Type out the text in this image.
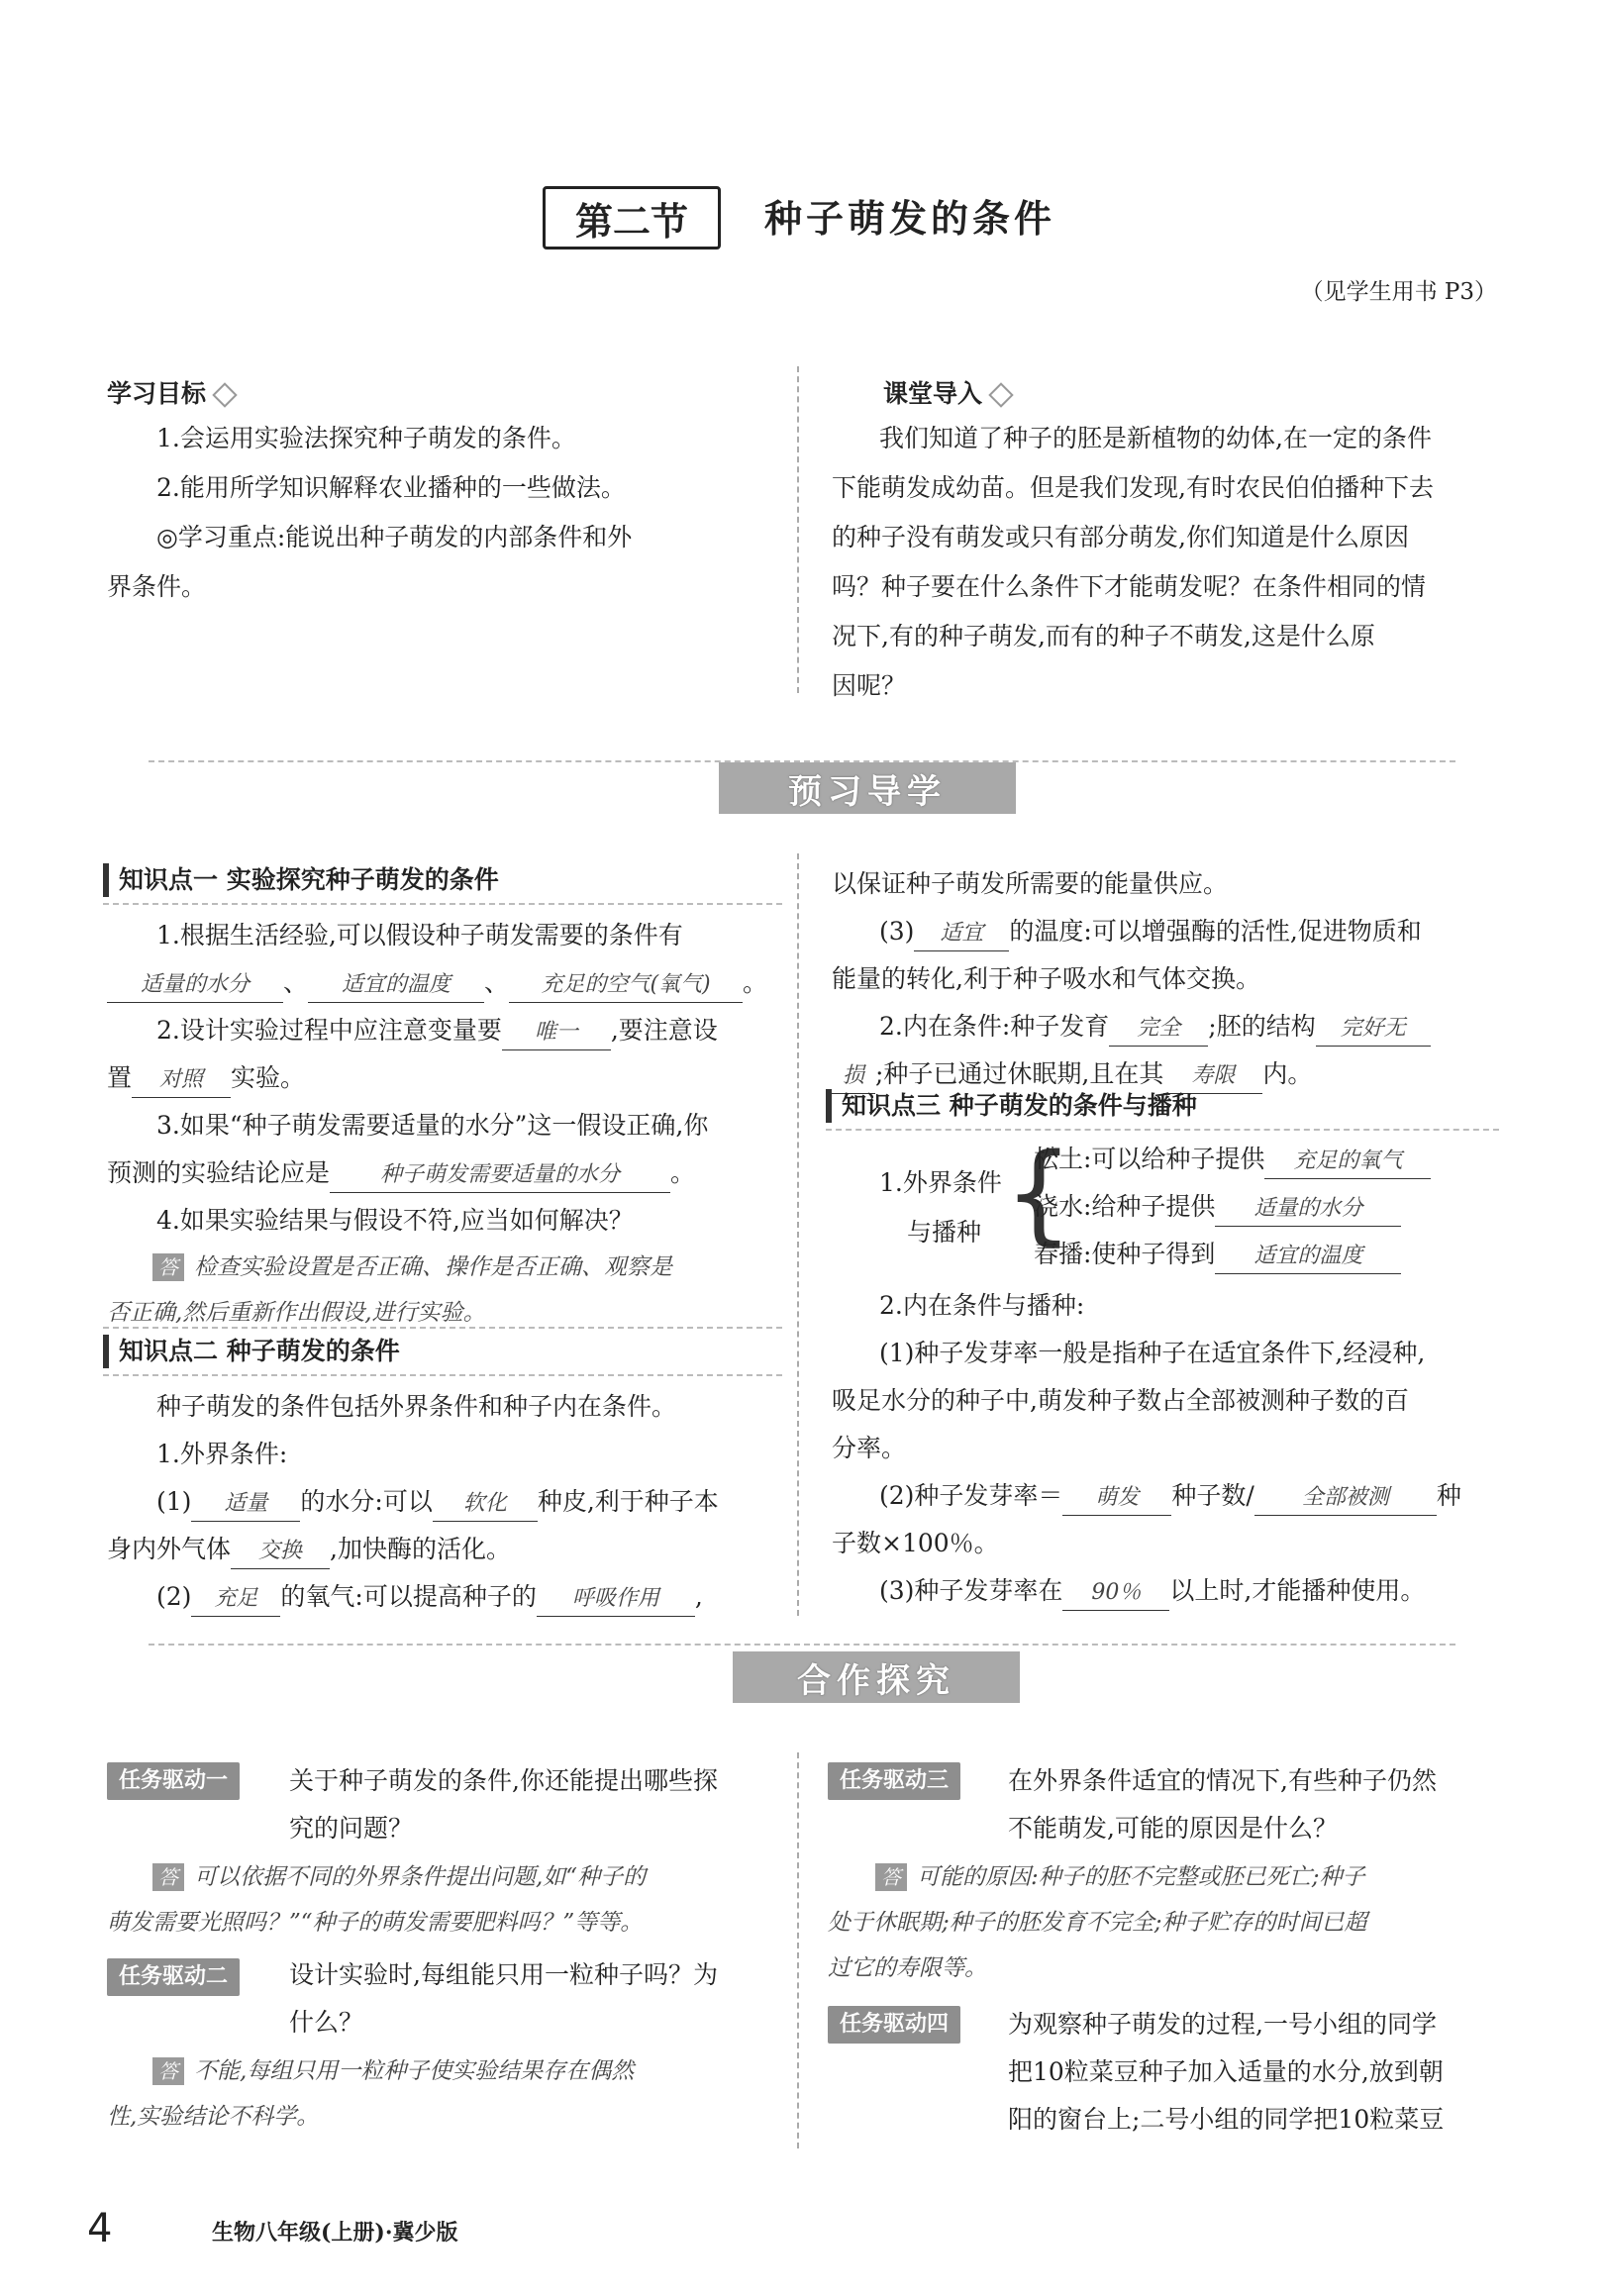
第二节	种子萌发的条件
（见学生用书 P3）
学习目标
1.会运用实验法探究种子萌发的条件。
2.能用所学知识解释农业播种的一些做法。
◎学习重点:能说出种子萌发的内部条件和外
界条件。
课堂导入
我们知道了种子的胚是新植物的幼体,在一定的条件
下能萌发成幼苗。但是我们发现,有时农民伯伯播种下去
的种子没有萌发或只有部分萌发,你们知道是什么原因
吗？种子要在什么条件下才能萌发呢？在条件相同的情
况下,有的种子萌发,而有的种子不萌发,这是什么原
因呢？
预习导学
知识点一 实验探究种子萌发的条件
1.根据生活经验,可以假设种子萌发需要的条件有
适量的水分 、 适宜的温度 、 充足的空气(氧气) 。
2.设计实验过程中应注意变量要 唯一 ,要注意设
置 对照 实验。
3.如果“种子萌发需要适量的水分”这一假设正确,你
预测的实验结论应是 种子萌发需要适量的水分 。
4.如果实验结果与假设不符,应当如何解决？
答 检查实验设置是否正确、操作是否正确、观察是
否正确,然后重新作出假设,进行实验。
知识点二 种子萌发的条件
种子萌发的条件包括外界条件和种子内在条件。
1.外界条件:
(1) 适量 的水分:可以 软化 种皮,利于种子本
身内外气体 交换 ,加快酶的活化。
(2) 充足 的氧气:可以提高种子的 呼吸作用 ,
以保证种子萌发所需要的能量供应。
(3) 适宜 的温度:可以增强酶的活性,促进物质和
能量的转化,利于种子吸水和气体交换。
2.内在条件:种子发育 完全 ;胚的结构 完好无
损 ;种子已通过休眠期,且在其 寿限 内。
知识点三 种子萌发的条件与播种
1.外界条件
与播种 {
松土:可以给种子提供 充足的氧气
浇水:给种子提供 适量的水分
春播:使种子得到 适宜的温度
2.内在条件与播种:
(1)种子发芽率一般是指种子在适宜条件下,经浸种,
吸足水分的种子中,萌发种子数占全部被测种子数的百
分率。
(2)种子发芽率＝ 萌发 种子数/ 全部被测 种
子数×100％。
(3)种子发芽率在 90％ 以上时,才能播种使用。
合作探究
任务驱动一	关于种子萌发的条件,你还能提出哪些探
究的问题？
答 可以依据不同的外界条件提出问题,如“种子的
萌发需要光照吗？”“种子的萌发需要肥料吗？”等等。
任务驱动二	设计实验时,每组能只用一粒种子吗？为
什么？
答 不能,每组只用一粒种子使实验结果存在偶然
性,实验结论不科学。
任务驱动三	在外界条件适宜的情况下,有些种子仍然
不能萌发,可能的原因是什么？
答 可能的原因:种子的胚不完整或胚已死亡;种子
处于休眠期;种子的胚发育不完全;种子贮存的时间已超
过它的寿限等。
任务驱动四	为观察种子萌发的过程,一号小组的同学
把10粒菜豆种子加入适量的水分,放到朝
阳的窗台上;二号小组的同学把10粒菜豆
4	生物八年级(上册)·冀少版
